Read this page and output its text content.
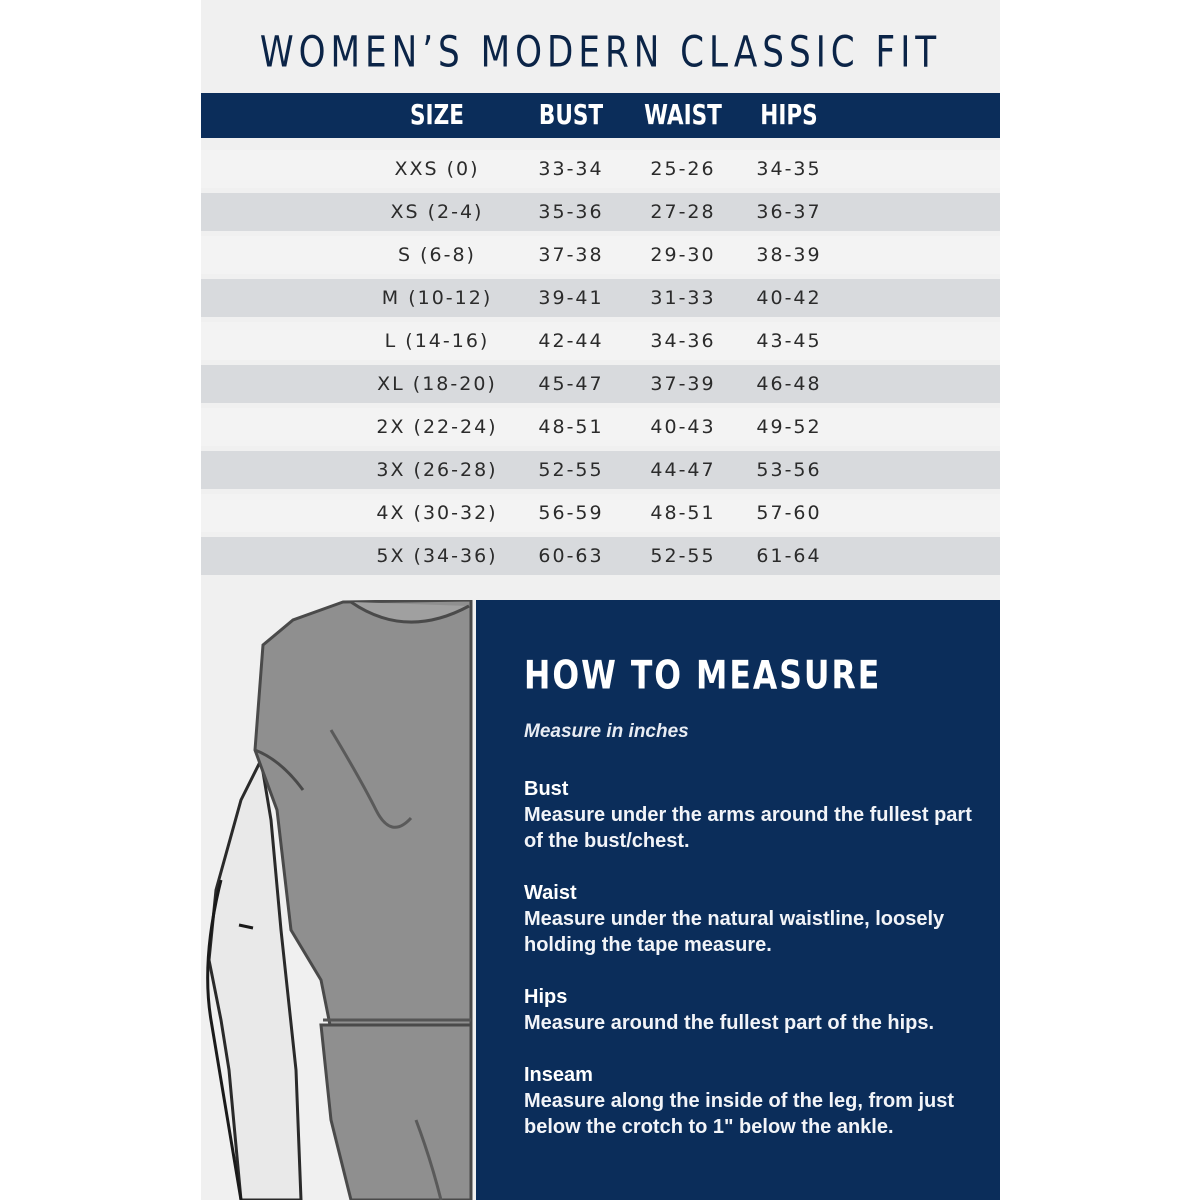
WOMEN’S MODERN CLASSIC FIT
SIZE	BUST	WAIST	HIPS
XXS (0)	33-34	25-26	34-35
XS (2-4)	35-36	27-28	36-37
S (6-8)	37-38	29-30	38-39
M (10-12)	39-41	31-33	40-42
L (14-16)	42-44	34-36	43-45
XL (18-20)	45-47	37-39	46-48
2X (22-24)	48-51	40-43	49-52
3X (26-28)	52-55	44-47	53-56
4X (30-32)	56-59	48-51	57-60
5X (34-36)	60-63	52-55	61-64
HOW TO MEASURE
Measure in inches
Bust
Measure under the arms around the fullest part of the bust/chest.
Waist
Measure under the natural waistline, loosely holding the tape measure.
Hips
Measure around the fullest part of the hips.
Inseam
Measure along the inside of the leg, from just below the crotch to 1" below the ankle.
